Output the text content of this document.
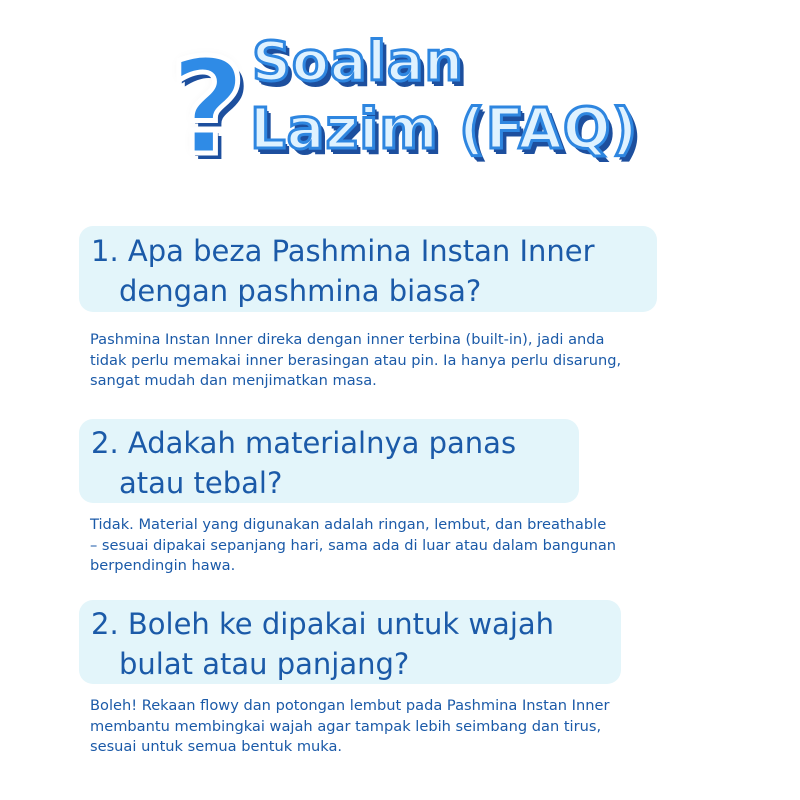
? Soalan
Lazim (FAQ)
1. Apa beza Pashmina Instan Inner
dengan pashmina biasa?
Pashmina Instan Inner direka dengan inner terbina (built-in), jadi anda
tidak perlu memakai inner berasingan atau pin. Ia hanya perlu disarung,
sangat mudah dan menjimatkan masa.
2. Adakah materialnya panas
atau tebal?
Tidak. Material yang digunakan adalah ringan, lembut, dan breathable
– sesuai dipakai sepanjang hari, sama ada di luar atau dalam bangunan
berpendingin hawa.
2. Boleh ke dipakai untuk wajah
bulat atau panjang?
Boleh! Rekaan flowy dan potongan lembut pada Pashmina Instan Inner
membantu membingkai wajah agar tampak lebih seimbang dan tirus,
sesuai untuk semua bentuk muka.
